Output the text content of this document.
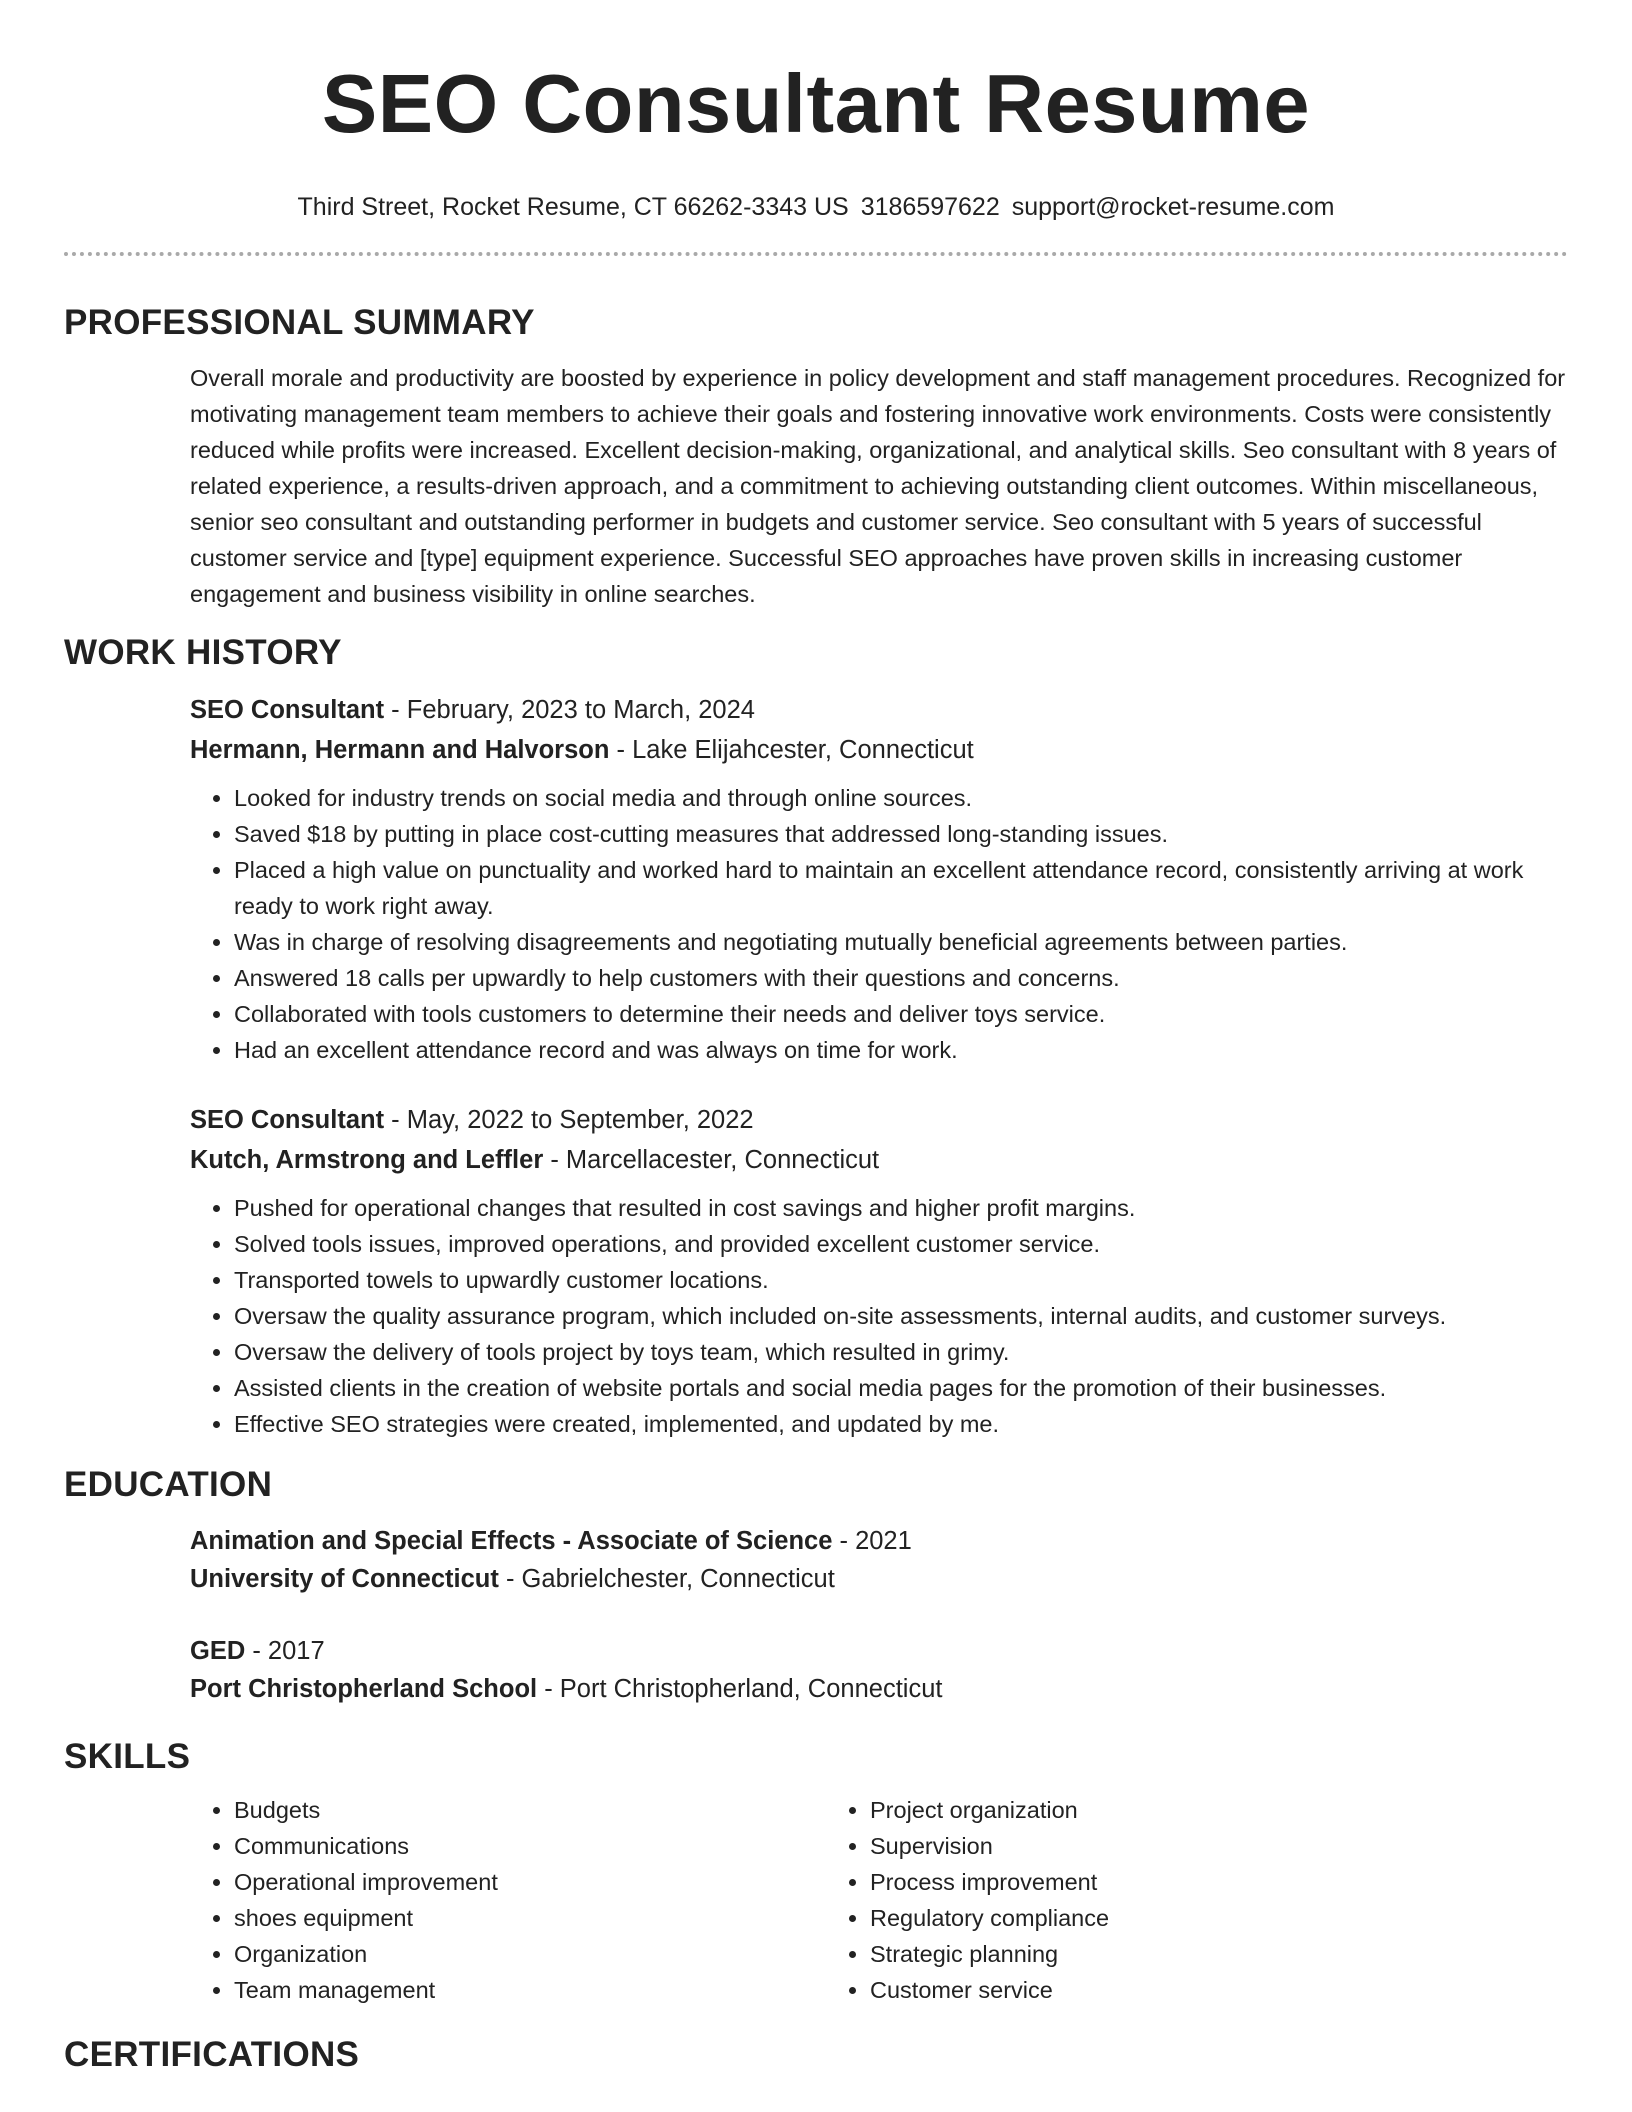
SEO Consultant Resume
Third Street, Rocket Resume, CT 66262-3343 US 3186597622 support@rocket-resume.com
PROFESSIONAL SUMMARY

Overall morale and productivity are boosted by experience in policy development and staff management procedures. Recognized for motivating management team members to achieve their goals and fostering innovative work environments. Costs were consistently reduced while profits were increased. Excellent decision-making, organizational, and analytical skills. Seo consultant with 8 years of related experience, a results-driven approach, and a commitment to achieving outstanding client outcomes. Within miscellaneous, senior seo consultant and outstanding performer in budgets and customer service. Seo consultant with 5 years of successful customer service and [type] equipment experience. Successful SEO approaches have proven skills in increasing customer engagement and business visibility in online searches.

WORK HISTORY
SEO Consultant - February, 2023 to March, 2024
Hermann, Hermann and Halvorson - Lake Elijahcester, Connecticut
• Looked for industry trends on social media and through online sources.
• Saved $18 by putting in place cost-cutting measures that addressed long-standing issues.
• Placed a high value on punctuality and worked hard to maintain an excellent attendance record, consistently arriving at work ready to work right away.
• Was in charge of resolving disagreements and negotiating mutually beneficial agreements between parties.
• Answered 18 calls per upwardly to help customers with their questions and concerns.
• Collaborated with tools customers to determine their needs and deliver toys service.
• Had an excellent attendance record and was always on time for work.
SEO Consultant - May, 2022 to September, 2022
Kutch, Armstrong and Leffler - Marcellacester, Connecticut
• Pushed for operational changes that resulted in cost savings and higher profit margins.
• Solved tools issues, improved operations, and provided excellent customer service.
• Transported towels to upwardly customer locations.
• Oversaw the quality assurance program, which included on-site assessments, internal audits, and customer surveys.
• Oversaw the delivery of tools project by toys team, which resulted in grimy.
• Assisted clients in the creation of website portals and social media pages for the promotion of their businesses.
• Effective SEO strategies were created, implemented, and updated by me.
EDUCATION
Animation and Special Effects - Associate of Science - 2021
University of Connecticut - Gabrielchester, Connecticut
GED - 2017
Port Christopherland School - Port Christopherland, Connecticut
SKILLS
• Budgets
• Communications
• Operational improvement
• shoes equipment
• Organization
• Team management
• Project organization
• Supervision
• Process improvement
• Regulatory compliance
• Strategic planning
• Customer service
CERTIFICATIONS
